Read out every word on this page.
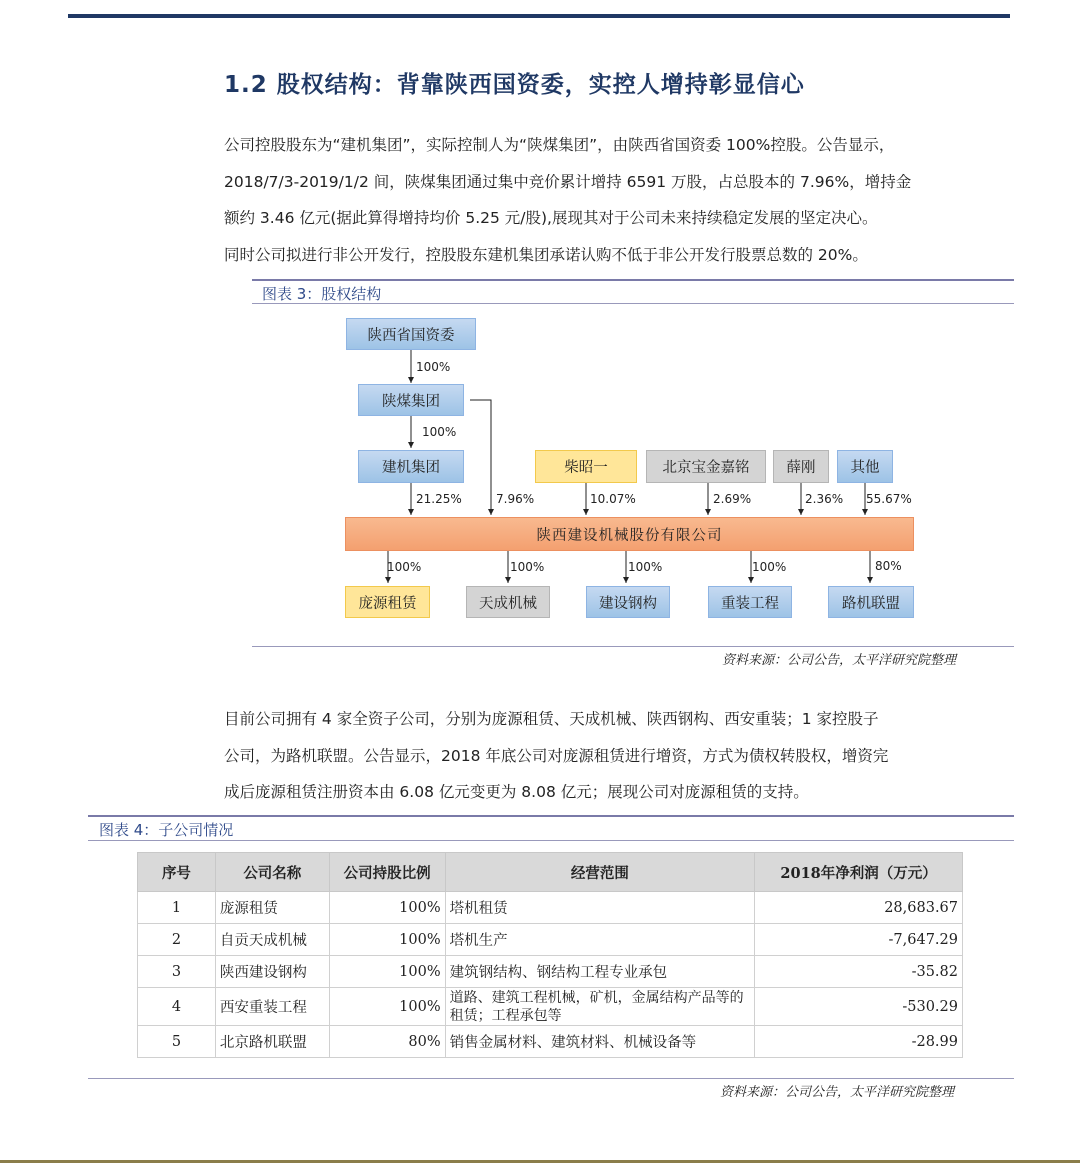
1.2 股权结构：背靠陕西国资委，实控人增持彰显信心
公司控股股东为“建机集团”，实际控制人为“陕煤集团”，由陕西省国资委 100%控股。公告显示，
2018/7/3-2019/1/2 间，陕煤集团通过集中竞价累计增持 6591 万股，占总股本的 7.96%，增持金
额约 3.46 亿元(据此算得增持均价 5.25 元/股),展现其对于公司未来持续稳定发展的坚定决心。
同时公司拟进行非公开发行，控股股东建机集团承诺认购不低于非公开发行股票总数的 20%。
图表 3：股权结构
陕西省国资委
100%
陕煤集团
100%
建机集团	柴昭一	北京宝金嘉铭	薛刚	其他
21.25%	7.96%	10.07%	2.69%	2.36% 55.67%
陕西建设机械股份有限公司
100%	100%	100%	100%	80%
庞源租赁	天成机械	建设钢构	重装工程	路机联盟
资料来源：公司公告，太平洋研究院整理
目前公司拥有 4 家全资子公司，分别为庞源租赁、天成机械、陕西钢构、西安重装；1 家控股子
公司，为路机联盟。公告显示，2018 年底公司对庞源租赁进行增资，方式为债权转股权，增资完
成后庞源租赁注册资本由 6.08 亿元变更为 8.08 亿元；展现公司对庞源租赁的支持。
图表 4：子公司情况
序号	公司名称	公司持股比例	经营范围	2018年净利润（万元）
1	庞源租赁	100%	塔机租赁	28,683.67
2	自贡天成机械	100%	塔机生产	-7,647.29
3	陕西建设钢构	100%	建筑钢结构、钢结构工程专业承包	-35.82
4	西安重装工程	100%	道路、建筑工程机械，矿机，金属结构产品等的租赁；工程承包等	-530.29
5	北京路机联盟	80%	销售金属材料、建筑材料、机械设备等	-28.99
资料来源：公司公告，太平洋研究院整理
